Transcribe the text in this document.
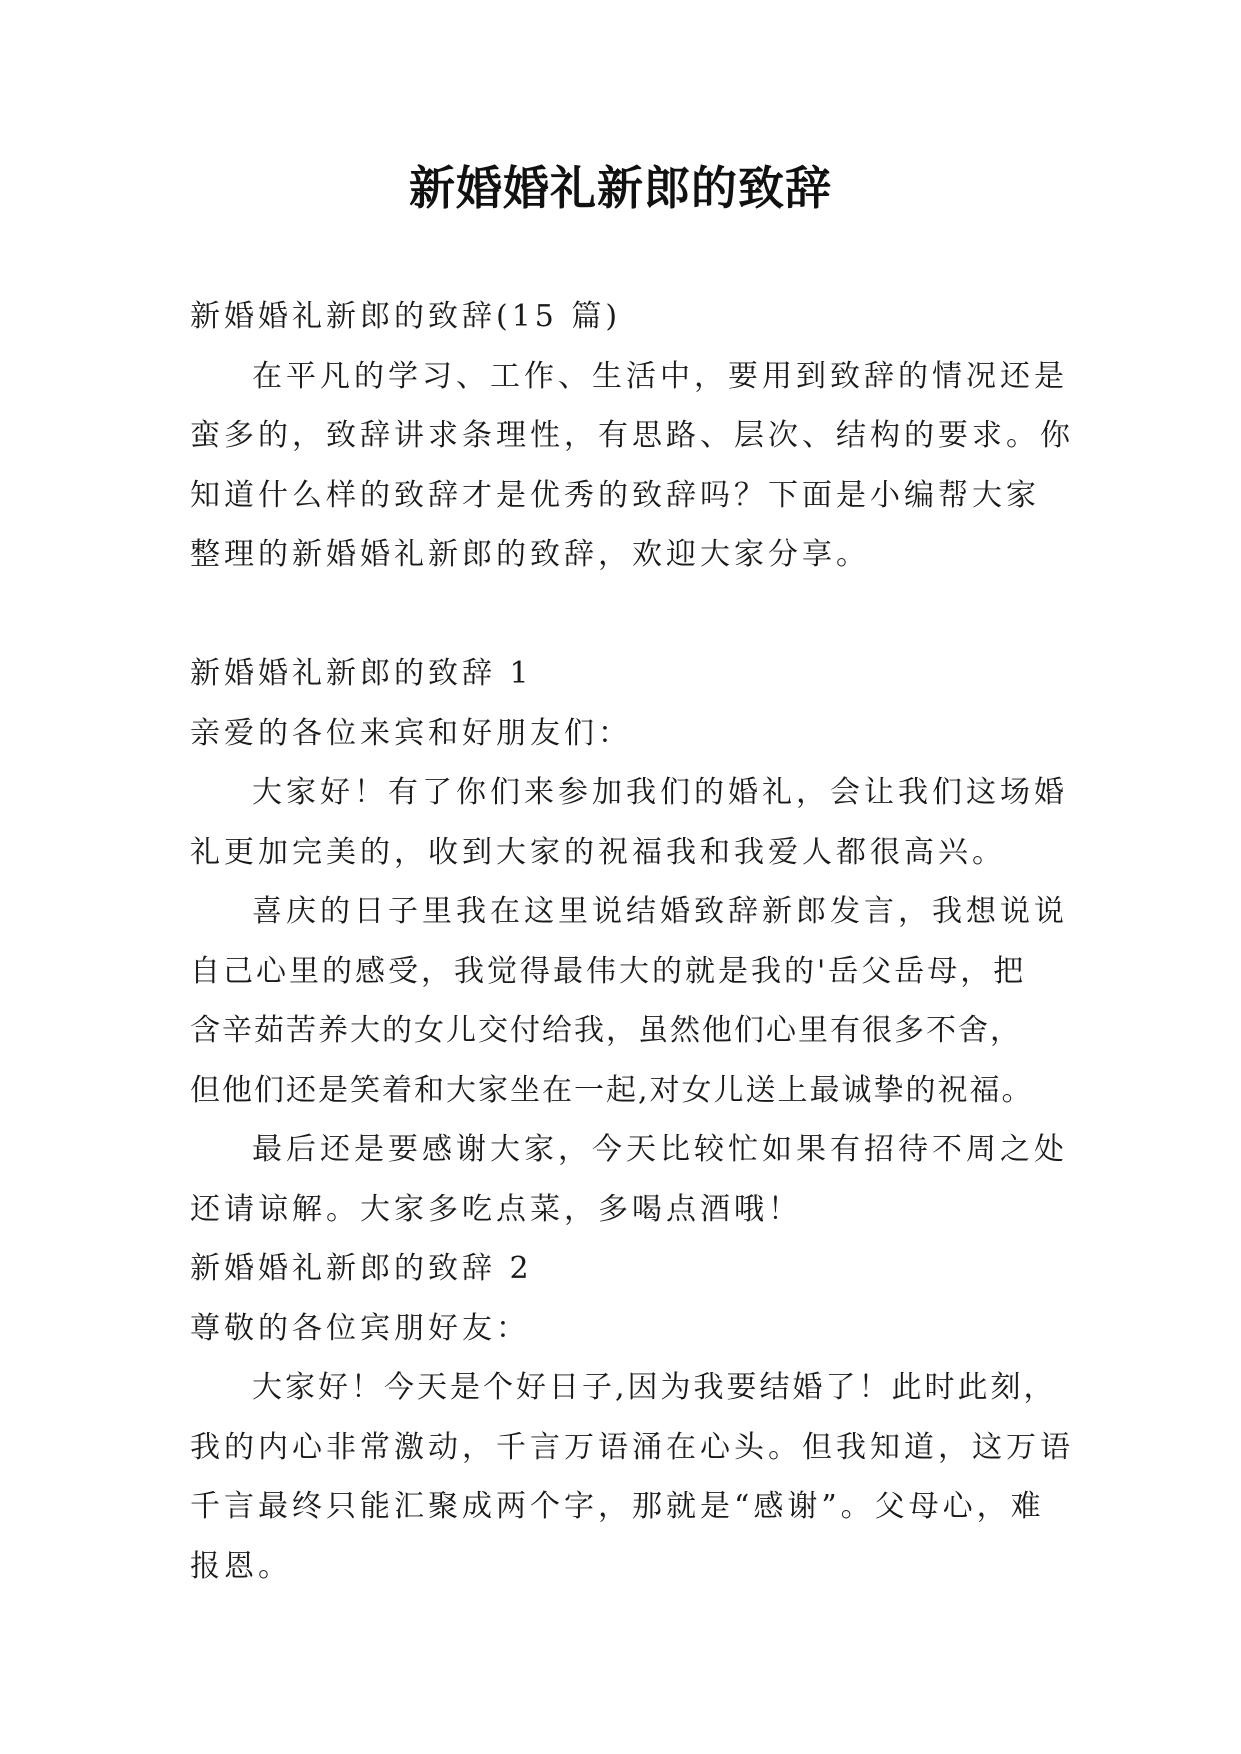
新婚婚礼新郎的致辞

新婚婚礼新郎的致辞(15 篇)

在平凡的学习、工作、生活中，要用到致辞的情况还是

蛮多的，致辞讲求条理性，有思路、层次、结构的要求。你

知道什么样的致辞才是优秀的致辞吗？下面是小编帮大家

整理的新婚婚礼新郎的致辞，欢迎大家分享。

新婚婚礼新郎的致辞 1

亲爱的各位来宾和好朋友们：

大家好！有了你们来参加我们的婚礼，会让我们这场婚

礼更加完美的，收到大家的祝福我和我爱人都很高兴。

喜庆的日子里我在这里说结婚致辞新郎发言，我想说说

自己心里的感受，我觉得最伟大的就是我的'岳父岳母，把

含辛茹苦养大的女儿交付给我，虽然他们心里有很多不舍，

但他们还是笑着和大家坐在一起,对女儿送上最诚挚的祝福。

最后还是要感谢大家，今天比较忙如果有招待不周之处

还请谅解。大家多吃点菜，多喝点酒哦！

新婚婚礼新郎的致辞 2

尊敬的各位宾朋好友：

大家好！今天是个好日子,因为我要结婚了！此时此刻，

我的内心非常激动，千言万语涌在心头。但我知道，这万语

千言最终只能汇聚成两个字，那就是“感谢”。父母心，难

报恩。
